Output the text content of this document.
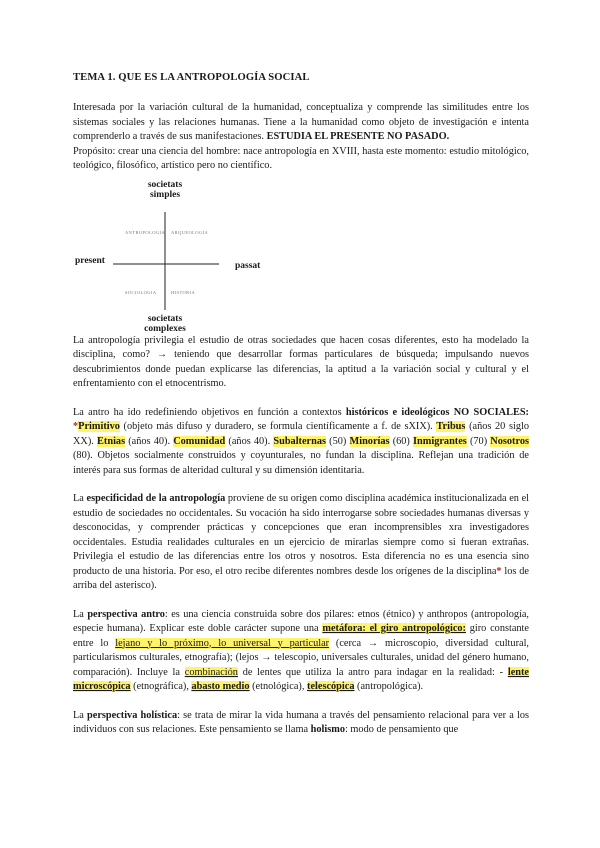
TEMA 1. QUE ES LA ANTROPOLOGÍA SOCIAL

Interesada por la variación cultural de la humanidad, conceptualiza y comprende las similitudes entre los sistemas sociales y las relaciones humanas. Tiene a la humanidad como objeto de investigación e intenta comprenderlo a través de sus manifestaciones. ESTUDIA EL PRESENTE NO PASADO.

Propósito: crear una ciencia del hombre: nace antropología en XVIII, hasta este momento: estudio mitológico, teológico, filosófico, artístico pero no científico.

societats
simples
societats
complexes
present	passat
ANTROPOLOGIA ARQUEOLOGIA
SOCIOLOGIA	HISTORIA

La antropología privilegia el estudio de otras sociedades que hacen cosas diferentes, esto ha modelado la disciplina, como? → teniendo que desarrollar formas particulares de búsqueda; impulsando nuevos descubrimientos donde puedan explicarse las diferencias, la aptitud a la variación social y cultural y el enfrentamiento con el etnocentrismo.

La antro ha ido redefiniendo objetivos en función a contextos históricos e ideológicos NO SOCIALES: *Primitivo (objeto más difuso y duradero, se formula científicamente a f. de sXIX). Tribus (años 20 siglo XX). Etnias (años 40). Comunidad (años 40). Subalternas (50) Minorías (60) Inmigrantes (70) Nosotros (80). Objetos socialmente construidos y coyunturales, no fundan la disciplina. Reflejan una tradición de interés para sus formas de alteridad cultural y su dimensión identitaria.

La especificidad de la antropología proviene de su origen como disciplina académica institucionalizada en el estudio de sociedades no occidentales. Su vocación ha sido interrogarse sobre sociedades humanas diversas y desconocidas, y comprender prácticas y concepciones que eran incomprensibles xra investigadores occidentales. Estudia realidades culturales en un ejercicio de mirarlas siempre como si fueran extrañas. Privilegia el estudio de las diferencias entre los otros y nosotros. Esta diferencia no es una esencia sino producto de una historia. Por eso, el otro recibe diferentes nombres desde los orígenes de la disciplina* los de arriba del asterisco).

La perspectiva antro: es una ciencia construida sobre dos pilares: etnos (étnico) y anthropos (antropología, especie humana). Explicar este doble carácter supone una metáfora: el giro antropológico: giro constante entre lo lejano y lo próximo, lo universal y particular (cerca → microscopio, diversidad cultural, particularismos culturales, etnografía); (lejos → telescopio, universales culturales, unidad del género humano, comparación). Incluye la combinación de lentes que utiliza la antro para indagar en la realidad: - lente microscópica (etnográfica), abasto medio (etnológica), telescópica (antropológica).

La perspectiva holística: se trata de mirar la vida humana a través del pensamiento relacional para ver a los individuos con sus relaciones. Este pensamiento se llama holismo: modo de pensamiento que
